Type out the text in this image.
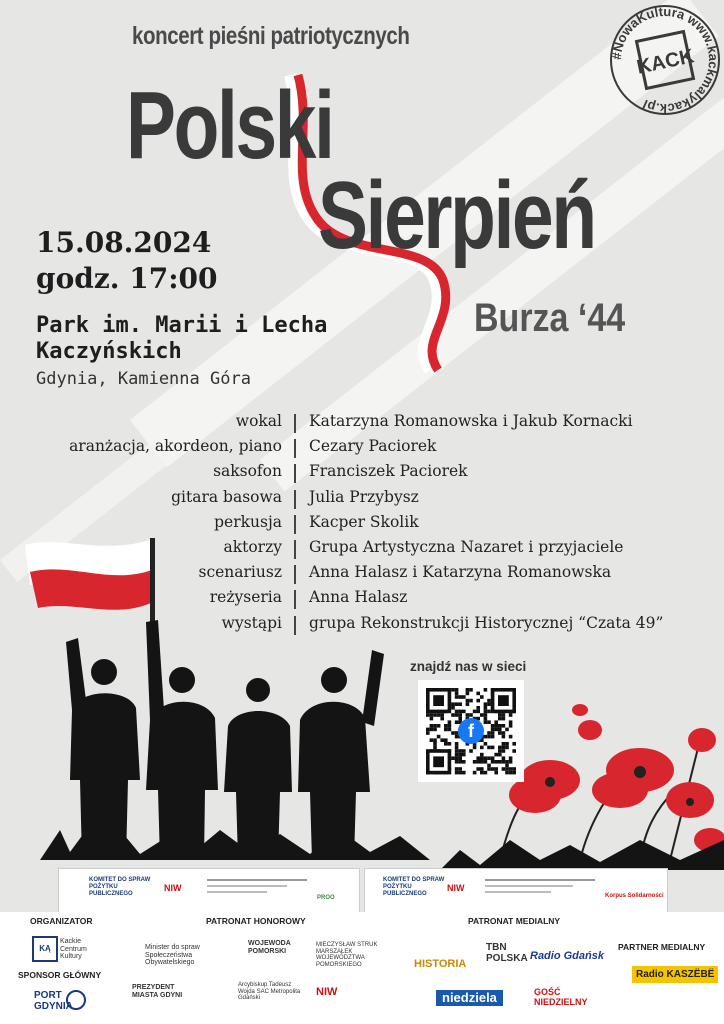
koncert pieśni patriotycznych
Polski
Sierpień
Burza ‘44
15.08.2024
godz. 17:00
Park im. Marii i Lecha
Kaczyńskich
Gdynia, Kamienna Góra
#NowaKultura www.kackmalykack.pl
KACK
wokal Katarzyna Romanowska i Jakub Kornacki
aranżacja, akordeon, piano Cezary Paciorek
saksofon Franciszek Paciorek
gitara basowa Julia Przybysz
perkusja Kacper Skolik
aktorzy Grupa Artystyczna Nazaret i przyjaciele
scenariusz Anna Halasz i Katarzyna Romanowska
reżyseria Anna Halasz
wystąpi grupa Rekonstrukcji Historycznej “Czata 49”
znajdź nas w sieci
f
KOMITET DO SPRAW POŻYTKU PUBLICZNEGO
NIW
PROO
KOMITET DO SPRAW POŻYTKU PUBLICZNEGO
NIW
Korpus Solidarności
ORGANIZATOR	PATRONAT HONOROWY	PATRONAT MEDIALNY
PARTNER MEDIALNY
SPONSOR GŁÓWNY
KĄ
Kackie Centrum Kultury
PORT GDYNIA
Minister do spraw Społeczeństwa Obywatelskiego
WOJEWODA POMORSKI
MIECZYSŁAW STRUK MARSZAŁEK WOJEWÓDZTWA POMORSKIEGO
PREZYDENT MIASTA GDYNI
Arcybiskup Tadeusz Wojda SAC Metropolita Gdański
NIW
HISTORIA
TBN POLSKA Radio Gdańsk
niedziela	GOŚĆ NIEDZIELNY
Radio KASZËBË
